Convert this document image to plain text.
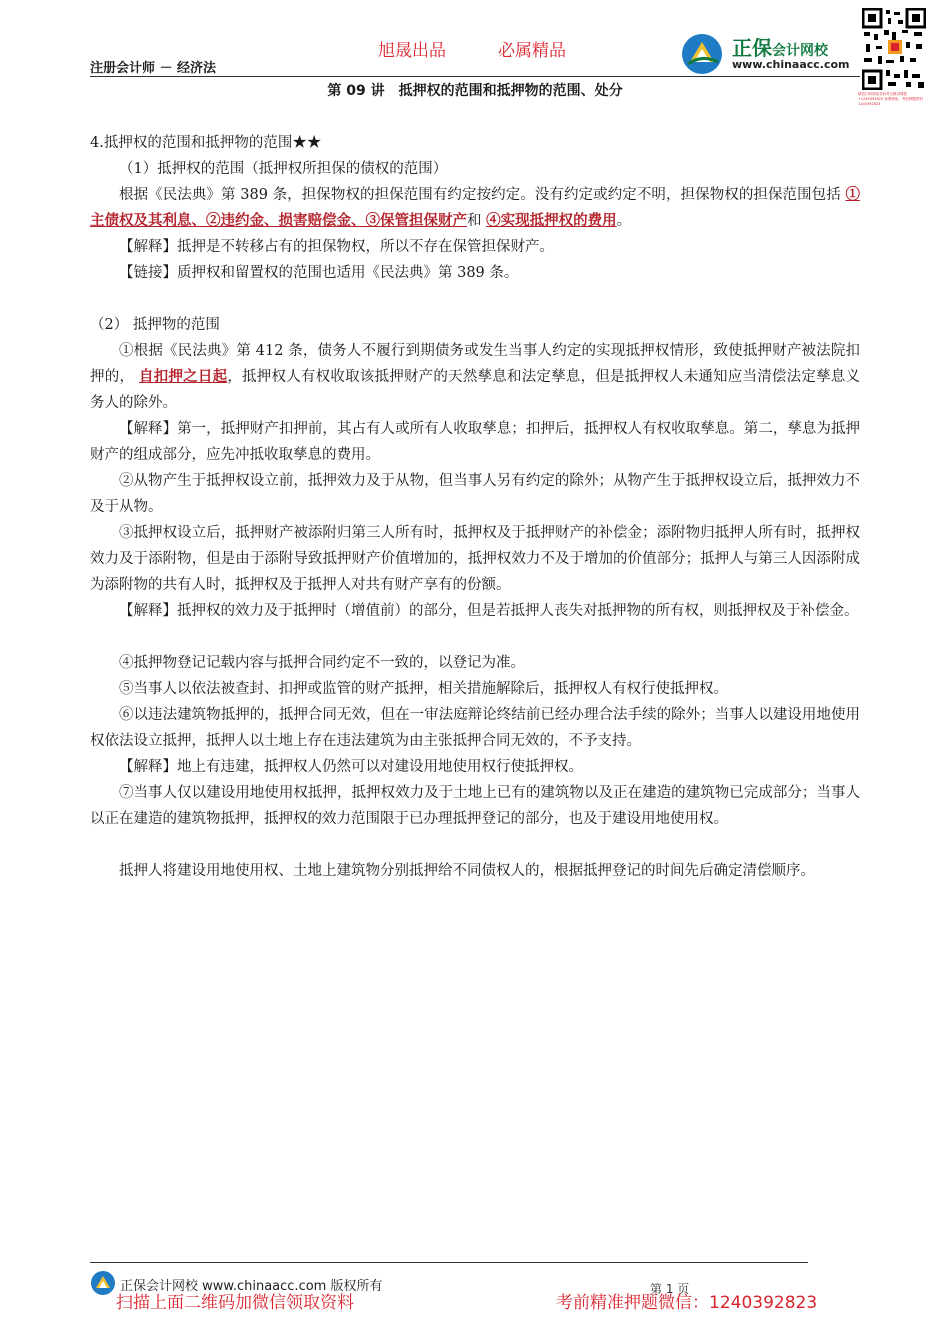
注册会计师 － 经济法
旭晟出品	必属精品	正保会计网校
www.chinaacc.com
微信扫码领取全科考点精讲课程+1240392823 免费领取，考前押题资料 1240392823
第 09 讲　抵押权的范围和抵押物的范围、处分
4.抵押权的范围和抵押物的范围★★
（1）抵押权的范围（抵押权所担保的债权的范围）
根据《民法典》第 389 条，担保物权的担保范围有约定按约定。没有约定或约定不明，担保物权的担保范围包括 ①主债权及其利息、②违约金、损害赔偿金、③保管担保财产和 ④实现抵押权的费用。
【解释】抵押是不转移占有的担保物权，所以不存在保管担保财产。
【链接】质押权和留置权的范围也适用《民法典》第 389 条。
（2） 抵押物的范围
①根据《民法典》第 412 条，债务人不履行到期债务或发生当事人约定的实现抵押权情形，致使抵押财产被法院扣押的， 自扣押之日起，抵押权人有权收取该抵押财产的天然孳息和法定孳息，但是抵押权人未通知应当清偿法定孳息义务人的除外。
【解释】第一，抵押财产扣押前，其占有人或所有人收取孳息；扣押后，抵押权人有权收取孳息。第二，孳息为抵押财产的组成部分，应先冲抵收取孳息的费用。
②从物产生于抵押权设立前，抵押效力及于从物，但当事人另有约定的除外；从物产生于抵押权设立后，抵押效力不及于从物。
③抵押权设立后，抵押财产被添附归第三人所有时，抵押权及于抵押财产的补偿金；添附物归抵押人所有时，抵押权效力及于添附物，但是由于添附导致抵押财产价值增加的，抵押权效力不及于增加的价值部分；抵押人与第三人因添附成为添附物的共有人时，抵押权及于抵押人对共有财产享有的份额。
【解释】抵押权的效力及于抵押时（增值前）的部分，但是若抵押人丧失对抵押物的所有权，则抵押权及于补偿金。
④抵押物登记记载内容与抵押合同约定不一致的，以登记为准。
⑤当事人以依法被查封、扣押或监管的财产抵押，相关措施解除后，抵押权人有权行使抵押权。
⑥以违法建筑物抵押的，抵押合同无效，但在一审法庭辩论终结前已经办理合法手续的除外；当事人以建设用地使用权依法设立抵押，抵押人以土地上存在违法建筑为由主张抵押合同无效的，不予支持。
【解释】地上有违建，抵押权人仍然可以对建设用地使用权行使抵押权。
⑦当事人仅以建设用地使用权抵押，抵押权效力及于土地上已有的建筑物以及正在建造的建筑物已完成部分；当事人以正在建造的建筑物抵押，抵押权的效力范围限于已办理抵押登记的部分，也及于建设用地使用权。
抵押人将建设用地使用权、土地上建筑物分别抵押给不同债权人的，根据抵押登记的时间先后确定清偿顺序。
正保会计网校 www.chinaacc.com 版权所有	第 1 页
扫描上面二维码加微信领取资料	考前精准押题微信：1240392823
